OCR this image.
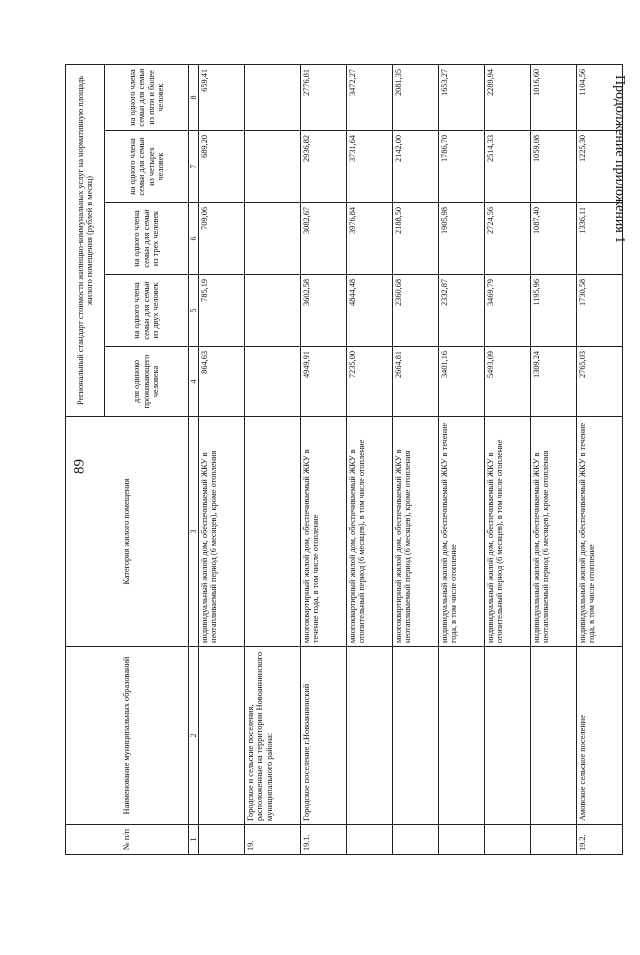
89
Продолжение приложения 1
№ п/п	Наименование муниципальных образований	Категория жилого помещения	Региональный стандарт стоимости жилищно-коммунальных услуг на нормативную площадь жилого помещения (рублей в месяц)				
			для одиноко проживающего человека	на одного члена семьи для семьи из двух человек	на одного члена семьи для семьи из трех человек	на одного члена семьи для семьи из четырех человек	на одного члена семьи для семьи из пяти и более человек
1	2	3	4	5	6	7	8
		индивидуальный жилой дом, обеспечиваемый ЖКУ в неотапливаемый период (6 месяцев), кроме отопления	864,63	785,19	709,06	689,20	659,41
19.	Городское и сельские поселения, расположенные на территории Новоаннинского муниципального района:						
19.1.	Городское поселение г.Новоаннинский	многоквартирный жилой дом, обеспечиваемый ЖКУ в течение года, в том числе отопление	4949,91	3602,58	3082,67	2936,82	2776,81
		многоквартирный жилой дом, обеспечиваемый ЖКУ в отопительный период (6 месяцев), в том числе отопление	7235,00	4844,48	3976,84	3731,64	3472,27
		многоквартирный жилой дом, обеспечиваемый ЖКУ в неотапливаемый период (6 месяцев), кроме отопления	2664,81	2360,68	2188,50	2142,00	2081,35
		индивидуальный жилой дом, обеспечиваемый ЖКУ в течение года, в том числе отопление	3401,16	2332,87	1905,98	1786,70	1653,27
		индивидуальный жилой дом, обеспечиваемый ЖКУ в отопительный период (6 месяцев), в том числе отопление	5493,09	3469,79	2724,56	2514,33	2289,94
		индивидуальный жилой дом, обеспечиваемый ЖКУ в неотапливаемый период (6 месяцев), кроме отопления	1309,24	1195,96	1087,40	1059,08	1016,60
19.2.	Амовское сельское поселение	индивидуальный жилой дом, обеспечиваемый ЖКУ в течение года, в том числе отопление	2765,03	1730,58	1336,11	1225,30	1104,56
